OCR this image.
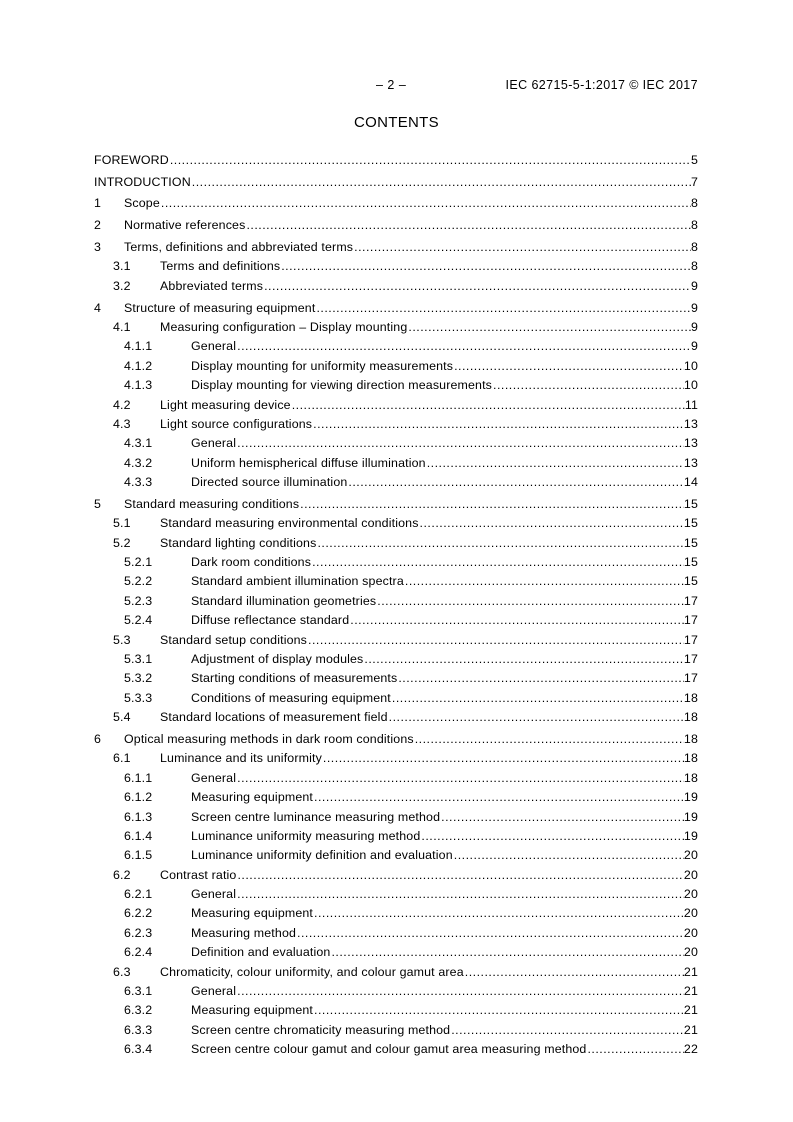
– 2 –	IEC 62715-5-1:2017 © IEC 2017
CONTENTS
FOREWORD .....	5
INTRODUCTION .....	7
1	Scope .....	8
2	Normative references .....	8
3	Terms, definitions and abbreviated terms .....	8
3.1	Terms and definitions .....	8
3.2	Abbreviated terms .....	9
4	Structure of measuring equipment .....	9
4.1	Measuring configuration – Display mounting .....	9
4.1.1	General .....	9
4.1.2	Display mounting for uniformity measurements .....	10
4.1.3	Display mounting for viewing direction measurements .....	10
4.2	Light measuring device .....	11
4.3	Light source configurations .....	13
4.3.1	General .....	13
4.3.2	Uniform hemispherical diffuse illumination .....	13
4.3.3	Directed source illumination .....	14
5	Standard measuring conditions .....	15
5.1	Standard measuring environmental conditions .....	15
5.2	Standard lighting conditions .....	15
5.2.1	Dark room conditions .....	15
5.2.2	Standard ambient illumination spectra .....	15
5.2.3	Standard illumination geometries .....	17
5.2.4	Diffuse reflectance standard .....	17
5.3	Standard setup conditions .....	17
5.3.1	Adjustment of display modules .....	17
5.3.2	Starting conditions of measurements .....	17
5.3.3	Conditions of measuring equipment .....	18
5.4	Standard locations of measurement field .....	18
6	Optical measuring methods in dark room conditions .....	18
6.1	Luminance and its uniformity .....	18
6.1.1	General .....	18
6.1.2	Measuring equipment .....	19
6.1.3	Screen centre luminance measuring method .....	19
6.1.4	Luminance uniformity measuring method .....	19
6.1.5	Luminance uniformity definition and evaluation .....	20
6.2	Contrast ratio .....	20
6.2.1	General .....	20
6.2.2	Measuring equipment .....	20
6.2.3	Measuring method .....	20
6.2.4	Definition and evaluation .....	20
6.3	Chromaticity, colour uniformity, and colour gamut area .....	21
6.3.1	General .....	21
6.3.2	Measuring equipment .....	21
6.3.3	Screen centre chromaticity measuring method .....	21
6.3.4	Screen centre colour gamut and colour gamut area measuring method .....	22
